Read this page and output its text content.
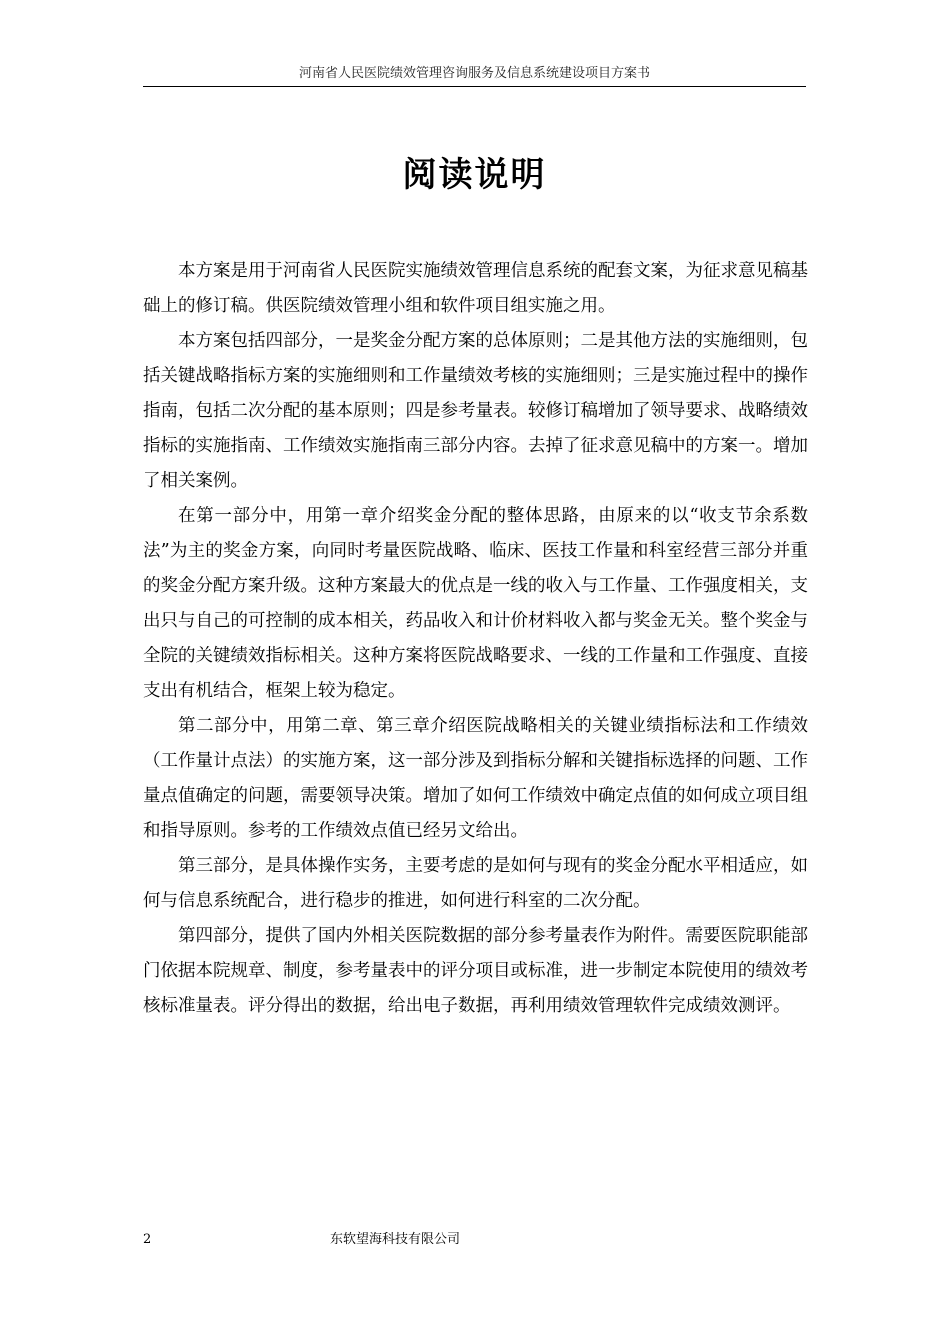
河南省人民医院绩效管理咨询服务及信息系统建设项目方案书
阅读说明

本方案是用于河南省人民医院实施绩效管理信息系统的配套文案，为征求意见稿基础上的修订稿。供医院绩效管理小组和软件项目组实施之用。

本方案包括四部分，一是奖金分配方案的总体原则；二是其他方法的实施细则，包括关键战略指标方案的实施细则和工作量绩效考核的实施细则；三是实施过程中的操作指南，包括二次分配的基本原则；四是参考量表。较修订稿增加了领导要求、战略绩效指标的实施指南、工作绩效实施指南三部分内容。去掉了征求意见稿中的方案一。增加了相关案例。

在第一部分中，用第一章介绍奖金分配的整体思路，由原来的以“收支节余系数法”为主的奖金方案，向同时考量医院战略、临床、医技工作量和科室经营三部分并重的奖金分配方案升级。这种方案最大的优点是一线的收入与工作量、工作强度相关，支出只与自己的可控制的成本相关，药品收入和计价材料收入都与奖金无关。整个奖金与全院的关键绩效指标相关。这种方案将医院战略要求、一线的工作量和工作强度、直接支出有机结合，框架上较为稳定。

第二部分中，用第二章、第三章介绍医院战略相关的关键业绩指标法和工作绩效（工作量计点法）的实施方案，这一部分涉及到指标分解和关键指标选择的问题、工作量点值确定的问题，需要领导决策。增加了如何工作绩效中确定点值的如何成立项目组和指导原则。参考的工作绩效点值已经另文给出。

第三部分，是具体操作实务，主要考虑的是如何与现有的奖金分配水平相适应，如何与信息系统配合，进行稳步的推进，如何进行科室的二次分配。

第四部分，提供了国内外相关医院数据的部分参考量表作为附件。需要医院职能部门依据本院规章、制度，参考量表中的评分项目或标准，进一步制定本院使用的绩效考核标准量表。评分得出的数据，给出电子数据，再利用绩效管理软件完成绩效测评。

2	东软望海科技有限公司
